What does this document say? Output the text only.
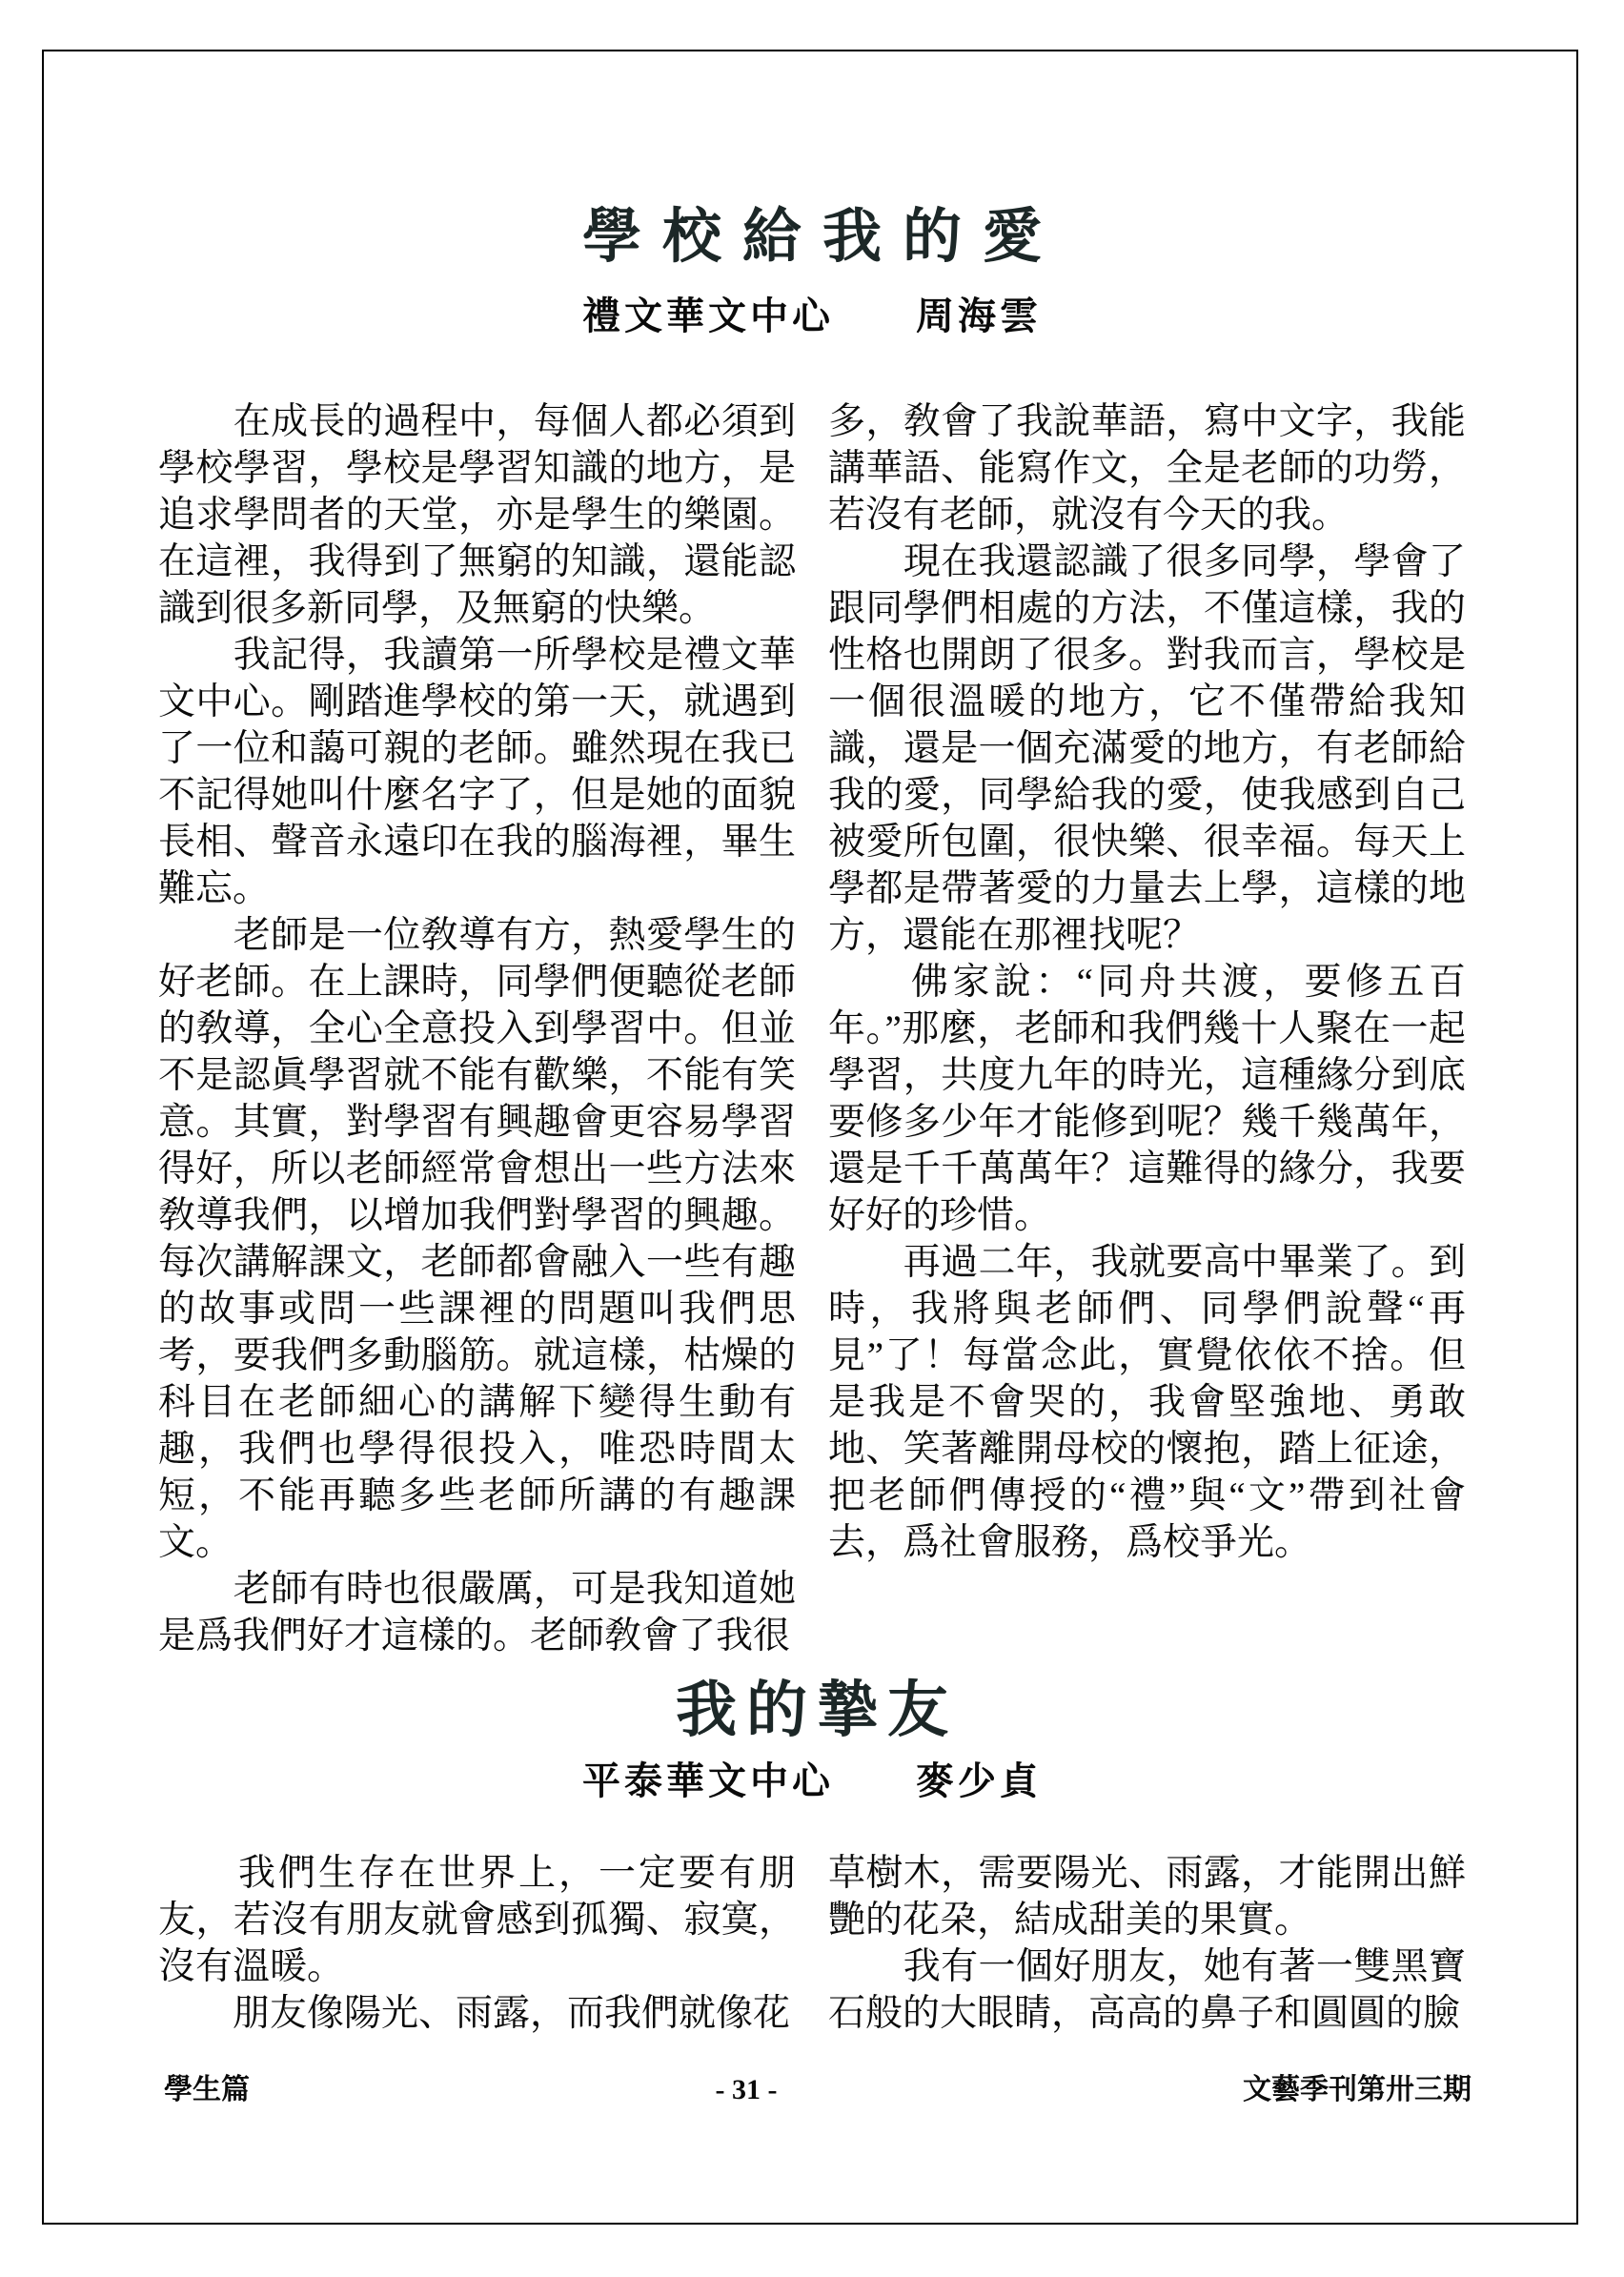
學校給我的愛
禮文華文中心 周海雲

　　在成長的過程中，每個人都必須到學校學習，學校是學習知識的地方，是追求學問者的天堂，亦是學生的樂園。在這裡，我得到了無窮的知識，還能認識到很多新同學，及無窮的快樂。

　　我記得，我讀第一所學校是禮文華文中心。剛踏進學校的第一天，就遇到了一位和藹可親的老師。雖然現在我已不記得她叫什麼名字了，但是她的面貌長相、聲音永遠印在我的腦海裡，畢生難忘。

　　老師是一位敎導有方，熱愛學生的好老師。在上課時，同學們便聽從老師的敎導，全心全意投入到學習中。但並不是認眞學習就不能有歡樂，不能有笑意。其實，對學習有興趣會更容易學習得好，所以老師經常會想出一些方法來敎導我們，以增加我們對學習的興趣。每次講解課文，老師都會融入一些有趣的故事或問一些課裡的問題叫我們思考，要我們多動腦筋。就這樣，枯燥的科目在老師細心的講解下變得生動有趣，我們也學得很投入，唯恐時間太短，不能再聽多些老師所講的有趣課文。

　　老師有時也很嚴厲，可是我知道她是爲我們好才這樣的。老師敎會了我很

多，敎會了我說華語，寫中文字，我能講華語、能寫作文，全是老師的功勞，若沒有老師，就沒有今天的我。

　　現在我還認識了很多同學，學會了跟同學們相處的方法，不僅這樣，我的性格也開朗了很多。對我而言，學校是一個很溫暖的地方，它不僅帶給我知識，還是一個充滿愛的地方，有老師給我的愛，同學給我的愛，使我感到自己被愛所包圍，很快樂、很幸福。每天上學都是帶著愛的力量去上學，這樣的地方，還能在那裡找呢？

　　佛家說：“同舟共渡，要修五百年。”那麼，老師和我們幾十人聚在一起學習，共度九年的時光，這種緣分到底要修多少年才能修到呢？幾千幾萬年，還是千千萬萬年？這難得的緣分，我要好好的珍惜。

　　再過二年，我就要高中畢業了。到時，我將與老師們、同學們說聲“再見”了！每當念此，實覺依依不捨。但是我是不會哭的，我會堅強地、勇敢地、笑著離開母校的懷抱，踏上征途，把老師們傳授的“禮”與“文”帶到社會去，爲社會服務，爲校爭光。

我的摯友
平泰華文中心 麥少貞

　　我們生存在世界上，一定要有朋友，若沒有朋友就會感到孤獨、寂寞，沒有溫暖。

　　朋友像陽光、雨露，而我們就像花

草樹木，需要陽光、雨露，才能開出鮮艷的花朶，結成甜美的果實。

　　我有一個好朋友，她有著一雙黑寶石般的大眼睛，高高的鼻子和圓圓的臉

學生篇	- 31 -	文藝季刊第卅三期
